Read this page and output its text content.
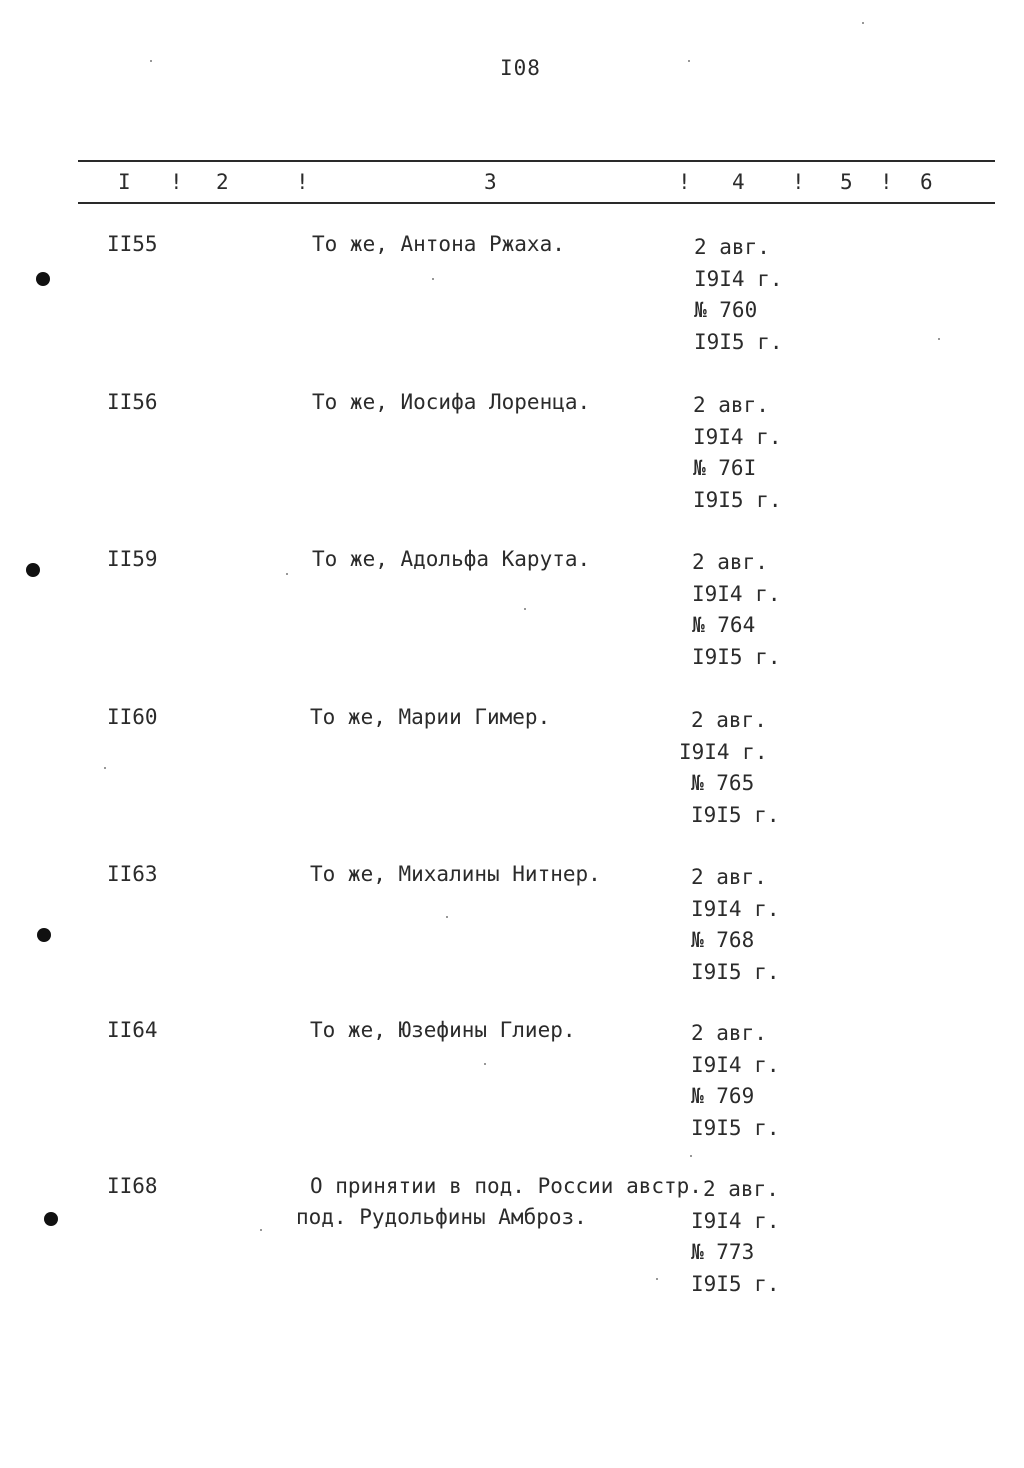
I08
I ! 2	!	3	! 4 ! 5 ! 6
II55	То же, Антона Ржаха.	2 авг.
I9I4 г.
№ 760
I9I5 г.
II56	То же, Иосифа Лоренца.	2 авг.
I9I4 г.
№ 76I
I9I5 г.
II59	То же, Адольфа Карута.	2 авг.
I9I4 г.
№ 764
I9I5 г.
II60	То же, Марии Гимер.	2 авг.
I9I4 г.
№ 765
I9I5 г.
II63	То же, Михалины Нитнер.	2 авг.
I9I4 г.
№ 768
I9I5 г.
II64	То же, Юзефины Глиер.	2 авг.
I9I4 г.
№ 769
I9I5 г.
II68	О принятии в под. России австр.
под. Рудольфины Амброз.
2 авг.
I9I4 г.
№ 773
I9I5 г.
